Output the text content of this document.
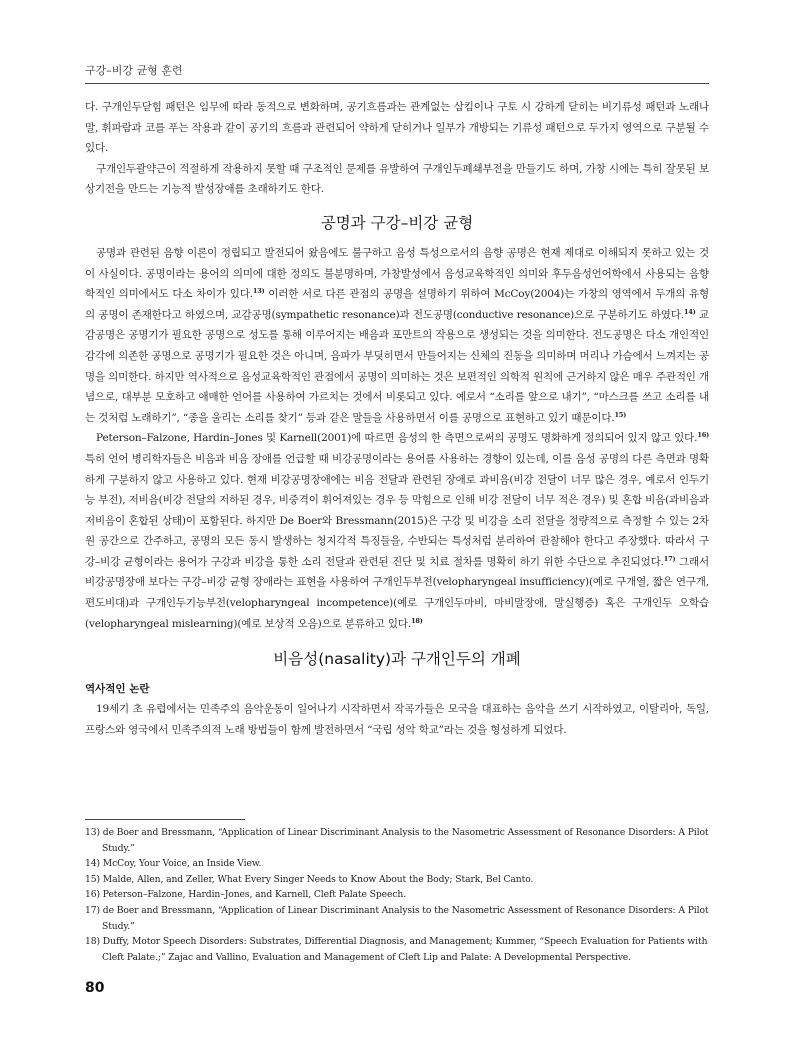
구강–비강 균형 훈련

다. 구개인두닫힘 패턴은 임무에 따라 동적으로 변화하며, 공기흐름과는 관계없는 삼킴이나 구토 시 강하게 닫히는 비기류성 패턴과 노래나 말, 휘파람과 코를 푸는 작용과 같이 공기의 흐름과 관련되어 약하게 닫히거나 일부가 개방되는 기류성 패턴으로 두가지 영역으로 구분될 수 있다.

구개인두괄약근이 적절하게 작용하지 못할 때 구조적인 문제를 유발하여 구개인두폐쇄부전을 만들기도 하며, 가창 시에는 특히 잘못된 보상기전을 만드는 기능적 발성장애를 초래하기도 한다.

공명과 구강–비강 균형

공명과 관련된 음향 이론이 정립되고 발전되어 왔음에도 불구하고 음성 특성으로서의 음향 공명은 현재 제대로 이해되지 못하고 있는 것이 사실이다. 공명이라는 용어의 의미에 대한 정의도 불분명하며, 가창발성에서 음성교육학적인 의미와 후두음성언어학에서 사용되는 음향학적인 의미에서도 다소 차이가 있다.$^{13)}$ 이러한 서로 다른 관점의 공명을 설명하기 위하여 McCoy(2004)는 가창의 영역에서 두개의 유형의 공명이 존재한다고 하였으며, 교감공명(sympathetic resonance)과 전도공명(conductive resonance)으로 구분하기도 하였다.$^{14)}$ 교감공명은 공명기가 필요한 공명으로 성도를 통해 이루어지는 배음과 포만트의 작용으로 생성되는 것을 의미한다. 전도공명은 다소 개인적인 감각에 의존한 공명으로 공명기가 필요한 것은 아니며, 음파가 부딪히면서 만들어지는 신체의 진동을 의미하며 머리나 가슴에서 느껴지는 공명을 의미한다. 하지만 역사적으로 음성교육학적인 관점에서 공명이 의미하는 것은 보편적인 의학적 원칙에 근거하지 않은 매우 주관적인 개념으로, 대부분 모호하고 애매한 언어를 사용하여 가르치는 것에서 비롯되고 있다. 예로서 “소리를 앞으로 내기”, “마스크를 쓰고 소리를 내는 것처럼 노래하기”, “종을 울리는 소리를 찾기” 등과 같은 말들을 사용하면서 이를 공명으로 표현하고 있기 때문이다.$^{15)}$

Peterson–Falzone, Hardin–Jones 및 Karnell(2001)에 따르면 음성의 한 측면으로써의 공명도 명화하게 정의되어 있지 않고 있다.$^{16)}$ 특히 언어 병리학자들은 비음과 비음 장애를 언급할 때 비강공명이라는 용어를 사용하는 경향이 있는데, 이를 음성 공명의 다른 측면과 명확하게 구분하지 않고 사용하고 있다. 현재 비강공명장애에는 비음 전달과 관련된 장애로 과비음(비강 전달이 너무 많은 경우, 예로서 인두기능 부전), 저비음(비강 전달의 저하된 경우, 비중격이 휘어져있는 경우 등 막힘으로 인해 비강 전달이 너무 적은 경우) 및 혼합 비음(과비음과 저비음이 혼합된 상태)이 포함된다. 하지만 De Boer와 Bressmann(2015)은 구강 및 비강을 소리 전달을 정량적으로 측정할 수 있는 2차원 공간으로 간주하고, 공명의 모든 동시 발생하는 청지각적 특징들을, 수반되는 특성처럼 분리하여 관찰해야 한다고 주장했다. 따라서 구강–비강 균형이라는 용어가 구강과 비강을 통한 소리 전달과 관련된 진단 및 치료 절차를 명확히 하기 위한 수단으로 추진되었다.$^{17)}$ 그래서 비강공명장애 보다는 구강–비강 균형 장애라는 표현을 사용하여 구개인두부전(velopharyngeal insufficiency)(예로 구개열, 짧은 연구개, 편도비대)과 구개인두기능부전(velopharyngeal incompetence)(예로 구개인두마비, 마비말장애, 말실행증) 혹은 구개인두 오학습(velopharyngeal mislearning)(예로 보상적 오음)으로 분류하고 있다.$^{18)}$

비음성(nasality)과 구개인두의 개폐
역사적인 논란

19세기 초 유럽에서는 민족주의 음악운동이 일어나기 시작하면서 작곡가들은 모국을 대표하는 음악을 쓰기 시작하였고, 이탈리아, 독일, 프랑스와 영국에서 민족주의적 노래 방법들이 함께 발전하면서 “국립 성악 학교”라는 것을 형성하게 되었다.

13) de Boer and Bressmann, “Application of Linear Discriminant Analysis to the Nasometric Assessment of Resonance Disorders: A Pilot Study.”
14) McCoy, Your Voice, an Inside View.
15) Malde, Allen, and Zeller, What Every Singer Needs to Know About the Body; Stark, Bel Canto.
16) Peterson–Falzone, Hardin–Jones, and Karnell, Cleft Palate Speech.
17) de Boer and Bressmann, “Application of Linear Discriminant Analysis to the Nasometric Assessment of Resonance Disorders: A Pilot Study.”
18) Duffy, Motor Speech Disorders: Substrates, Differential Diagnosis, and Management; Kummer, “Speech Evaluation for Patients with Cleft Palate.;” Zajac and Vallino, Evaluation and Management of Cleft Lip and Palate: A Developmental Perspective.
80
